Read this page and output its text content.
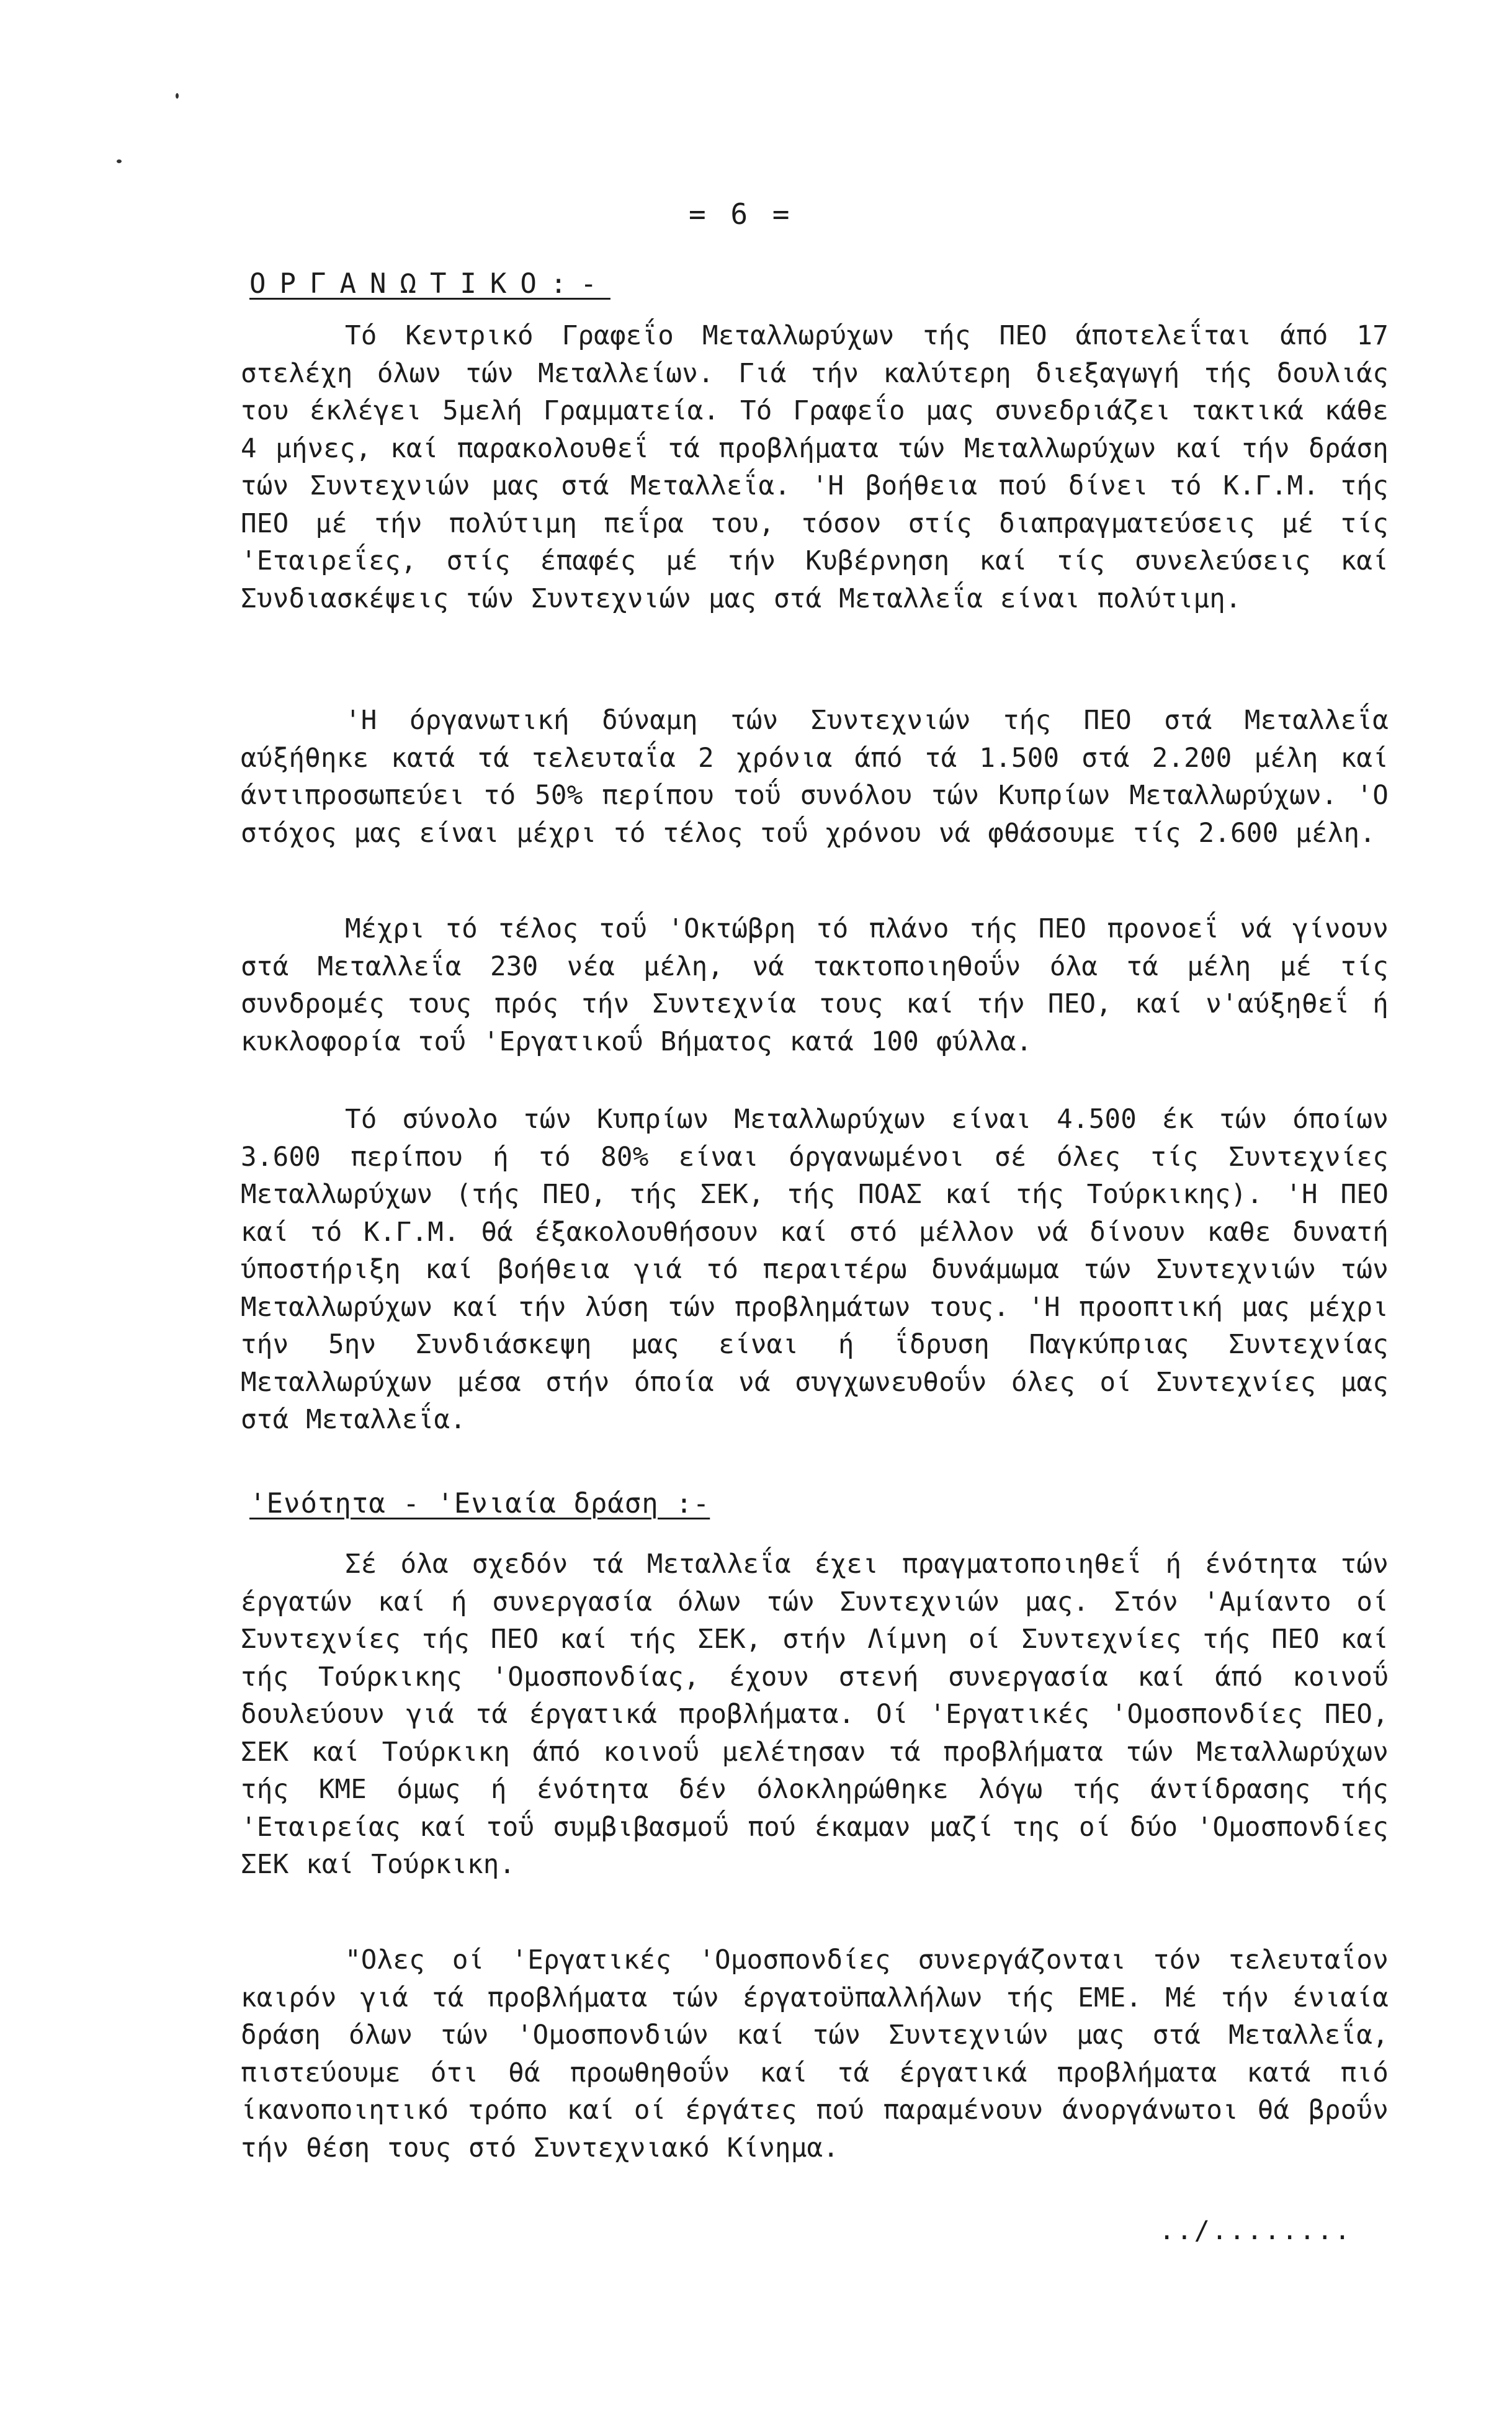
= 6 =
ΟΡΓΑΝΩΤΙΚΟ:-

Τό Κεντρικό Γραφεΐο Μεταλλωρύχων τής ΠΕΟ άποτελεΐται άπό 17 στελέχη όλων τών Μεταλλείων. Γιά τήν καλύτερη διεξαγωγή τής δουλιάς του έκλέγει 5μελή Γραμματεία. Τό Γραφεΐο μας συνεδριάζει τακτικά κάθε 4 μήνες, καί παρακολουθεΐ τά προβλήματα τών Μεταλλωρύχων καί τήν δράση τών Συντεχνιών μας στά Μεταλλεΐα. 'Η βοήθεια πού δίνει τό Κ.Γ.Μ. τής ΠΕΟ μέ τήν πολύτιμη πεΐρα του, τόσον στίς διαπραγματεύσεις μέ τίς 'Εταιρεΐες, στίς έπαφές μέ τήν Κυβέρνηση καί τίς συνελεύσεις καί Συνδιασκέψεις τών Συντεχνιών μας στά Μεταλλεΐα είναι πολύτιμη.

'Η όργανωτική δύναμη τών Συντεχνιών τής ΠΕΟ στά Μεταλλεΐα αύξήθηκε κατά τά τελευταΐα 2 χρόνια άπό τά 1.500 στά 2.200 μέλη καί άντιπροσωπεύει τό 50% περίπου τοΰ συνόλου τών Κυπρίων Μεταλλωρύχων. 'Ο στόχος μας είναι μέχρι τό τέλος τοΰ χρόνου νά φθάσουμε τίς 2.600 μέλη.

Μέχρι τό τέλος τοΰ 'Οκτώβρη τό πλάνο τής ΠΕΟ προνοεΐ νά γίνουν στά Μεταλλεΐα 230 νέα μέλη, νά τακτοποιηθοΰν όλα τά μέλη μέ τίς συνδρομές τους πρός τήν Συντεχνία τους καί τήν ΠΕΟ, καί ν'αύξηθεΐ ή κυκλοφορία τοΰ 'Εργατικοΰ Βήματος κατά 100 φύλλα.

Τό σύνολο τών Κυπρίων Μεταλλωρύχων είναι 4.500 έκ τών όποίων 3.600 περίπου ή τό 80% είναι όργανωμένοι σέ όλες τίς Συντεχνίες Μεταλλωρύχων (τής ΠΕΟ, τής ΣΕΚ, τής ΠΟΑΣ καί τής Τούρκικης). 'Η ΠΕΟ καί τό Κ.Γ.Μ. θά έξακολουθήσουν καί στό μέλλον νά δίνουν καθε δυνατή ύποστήριξη καί βοήθεια γιά τό περαιτέρω δυνάμωμα τών Συντεχνιών τών Μεταλλωρύχων καί τήν λύση τών προβλημάτων τους. 'Η προοπτική μας μέχρι τήν 5ην Συνδιάσκεψη μας είναι ή ΐδρυση Παγκύπριας Συντεχνίας Μεταλλωρύχων μέσα στήν όποία νά συγχωνευθοΰν όλες οί Συντεχνίες μας στά Μεταλλεΐα.

'Ενότητα - 'Ενιαία δράση :-

Σέ όλα σχεδόν τά Μεταλλεΐα έχει πραγματοποιηθεΐ ή ένότητα τών έργατών καί ή συνεργασία όλων τών Συντεχνιών μας. Στόν 'Αμίαντο οί Συντεχνίες τής ΠΕΟ καί τής ΣΕΚ, στήν Λίμνη οί Συντεχνίες τής ΠΕΟ καί τής Τούρκικης 'Ομοσπονδίας, έχουν στενή συνεργασία καί άπό κοινοΰ δουλεύουν γιά τά έργατικά προβλήματα. Οί 'Εργατικές 'Ομοσπονδίες ΠΕΟ, ΣΕΚ καί Τούρκικη άπό κοινοΰ μελέτησαν τά προβλήματα τών Μεταλλωρύχων τής ΚΜΕ όμως ή ένότητα δέν όλοκληρώθηκε λόγω τής άντίδρασης τής 'Εταιρείας καί τοΰ συμβιβασμοΰ πού έκαμαν μαζί της οί δύο 'Ομοσπονδίες ΣΕΚ καί Τούρκικη.

"Ολες οί 'Εργατικές 'Ομοσπονδίες συνεργάζονται τόν τελευταΐον καιρόν γιά τά προβλήματα τών έργατοϋπαλλήλων τής ΕΜΕ. Μέ τήν ένιαία δράση όλων τών 'Ομοσπονδιών καί τών Συντεχνιών μας στά Μεταλλεΐα, πιστεύουμε ότι θά προωθηθοΰν καί τά έργατικά προβλήματα κατά πιό ίκανοποιητικό τρόπο καί οί έργάτες πού παραμένουν άνοργάνωτοι θά βροΰν τήν θέση τους στό Συντεχνιακό Κίνημα.

../........
